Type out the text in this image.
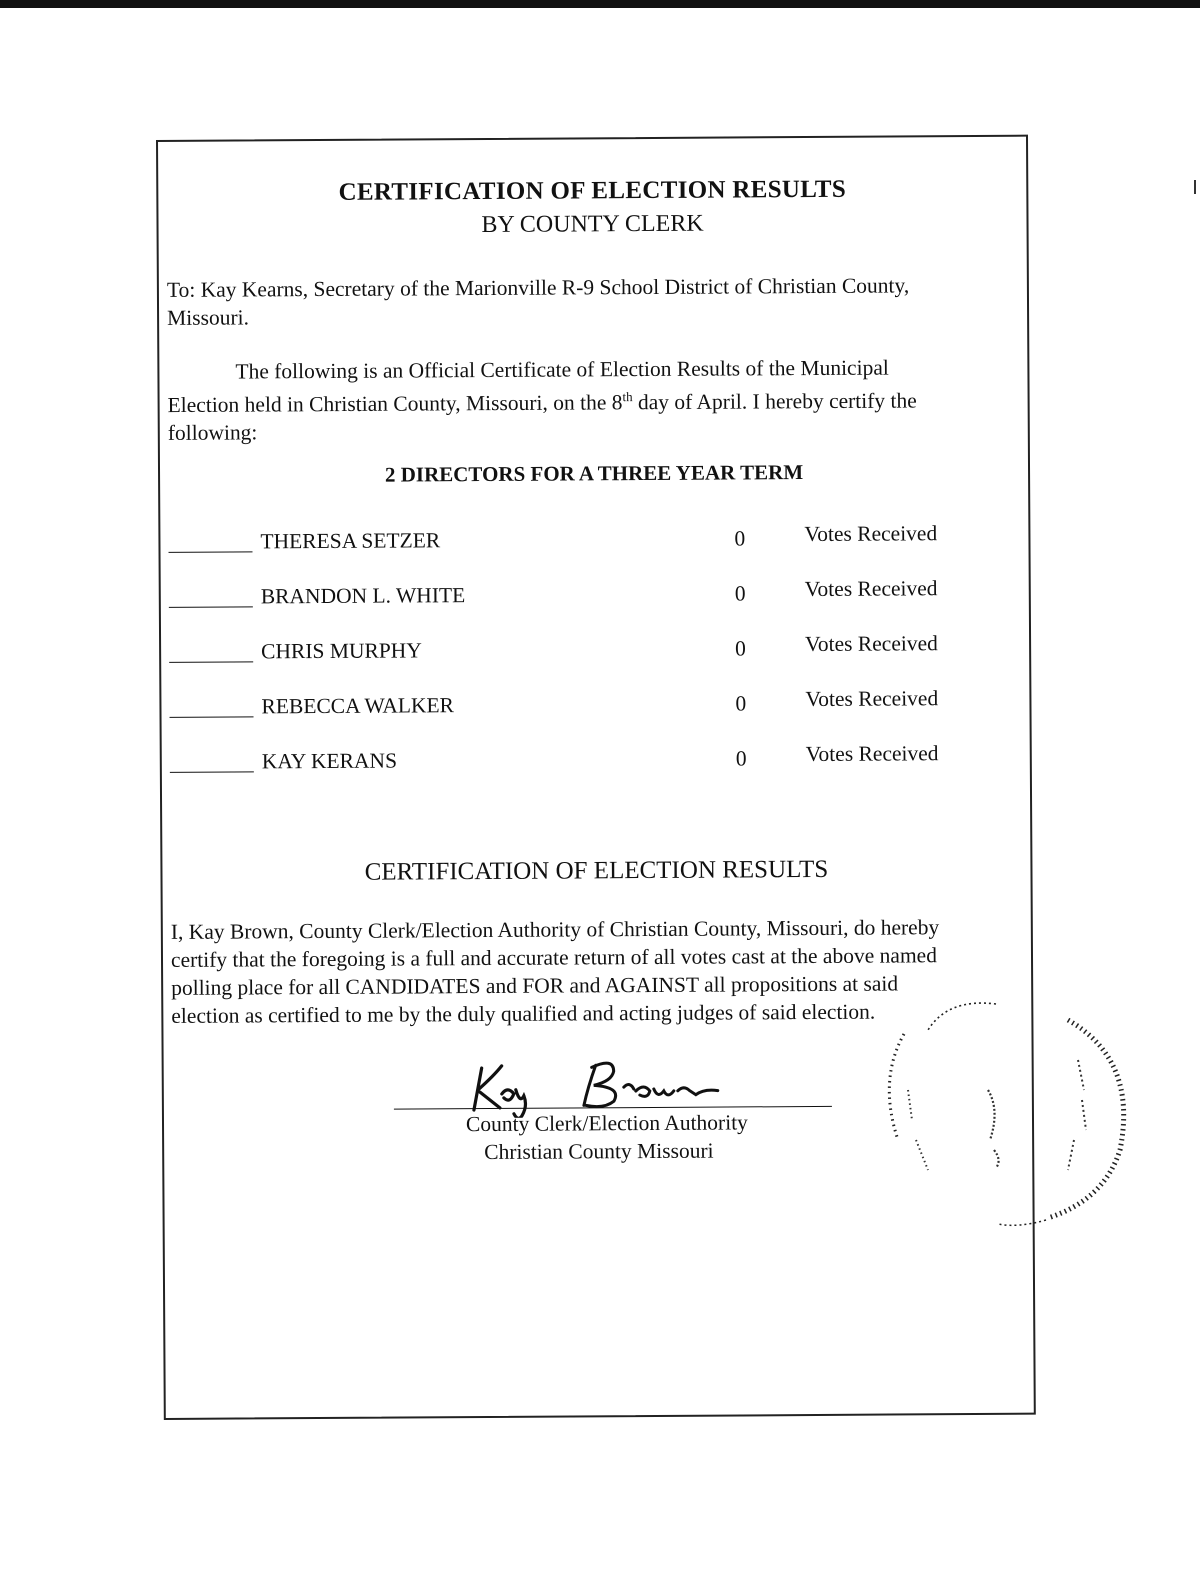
CERTIFICATION OF ELECTION RESULTS
BY COUNTY CLERK
To: Kay Kearns, Secretary of the Marionville R-9 School District of Christian County,
Missouri.
The following is an Official Certificate of Election Results of the Municipal
Election held in Christian County, Missouri, on the 8th day of April. I hereby certify the
following:
2 DIRECTORS FOR A THREE YEAR TERM
THERESA SETZER	0	Votes Received
BRANDON L. WHITE	0	Votes Received
CHRIS MURPHY	0	Votes Received
REBECCA WALKER	0	Votes Received
KAY KERANS	0	Votes Received
CERTIFICATION OF ELECTION RESULTS
I, Kay Brown, County Clerk/Election Authority of Christian County, Missouri, do hereby
certify that the foregoing is a full and accurate return of all votes cast at the above named
polling place for all CANDIDATES and FOR and AGAINST all propositions at said
election as certified to me by the duly qualified and acting judges of said election.
County Clerk/Election Authority
Christian County Missouri
